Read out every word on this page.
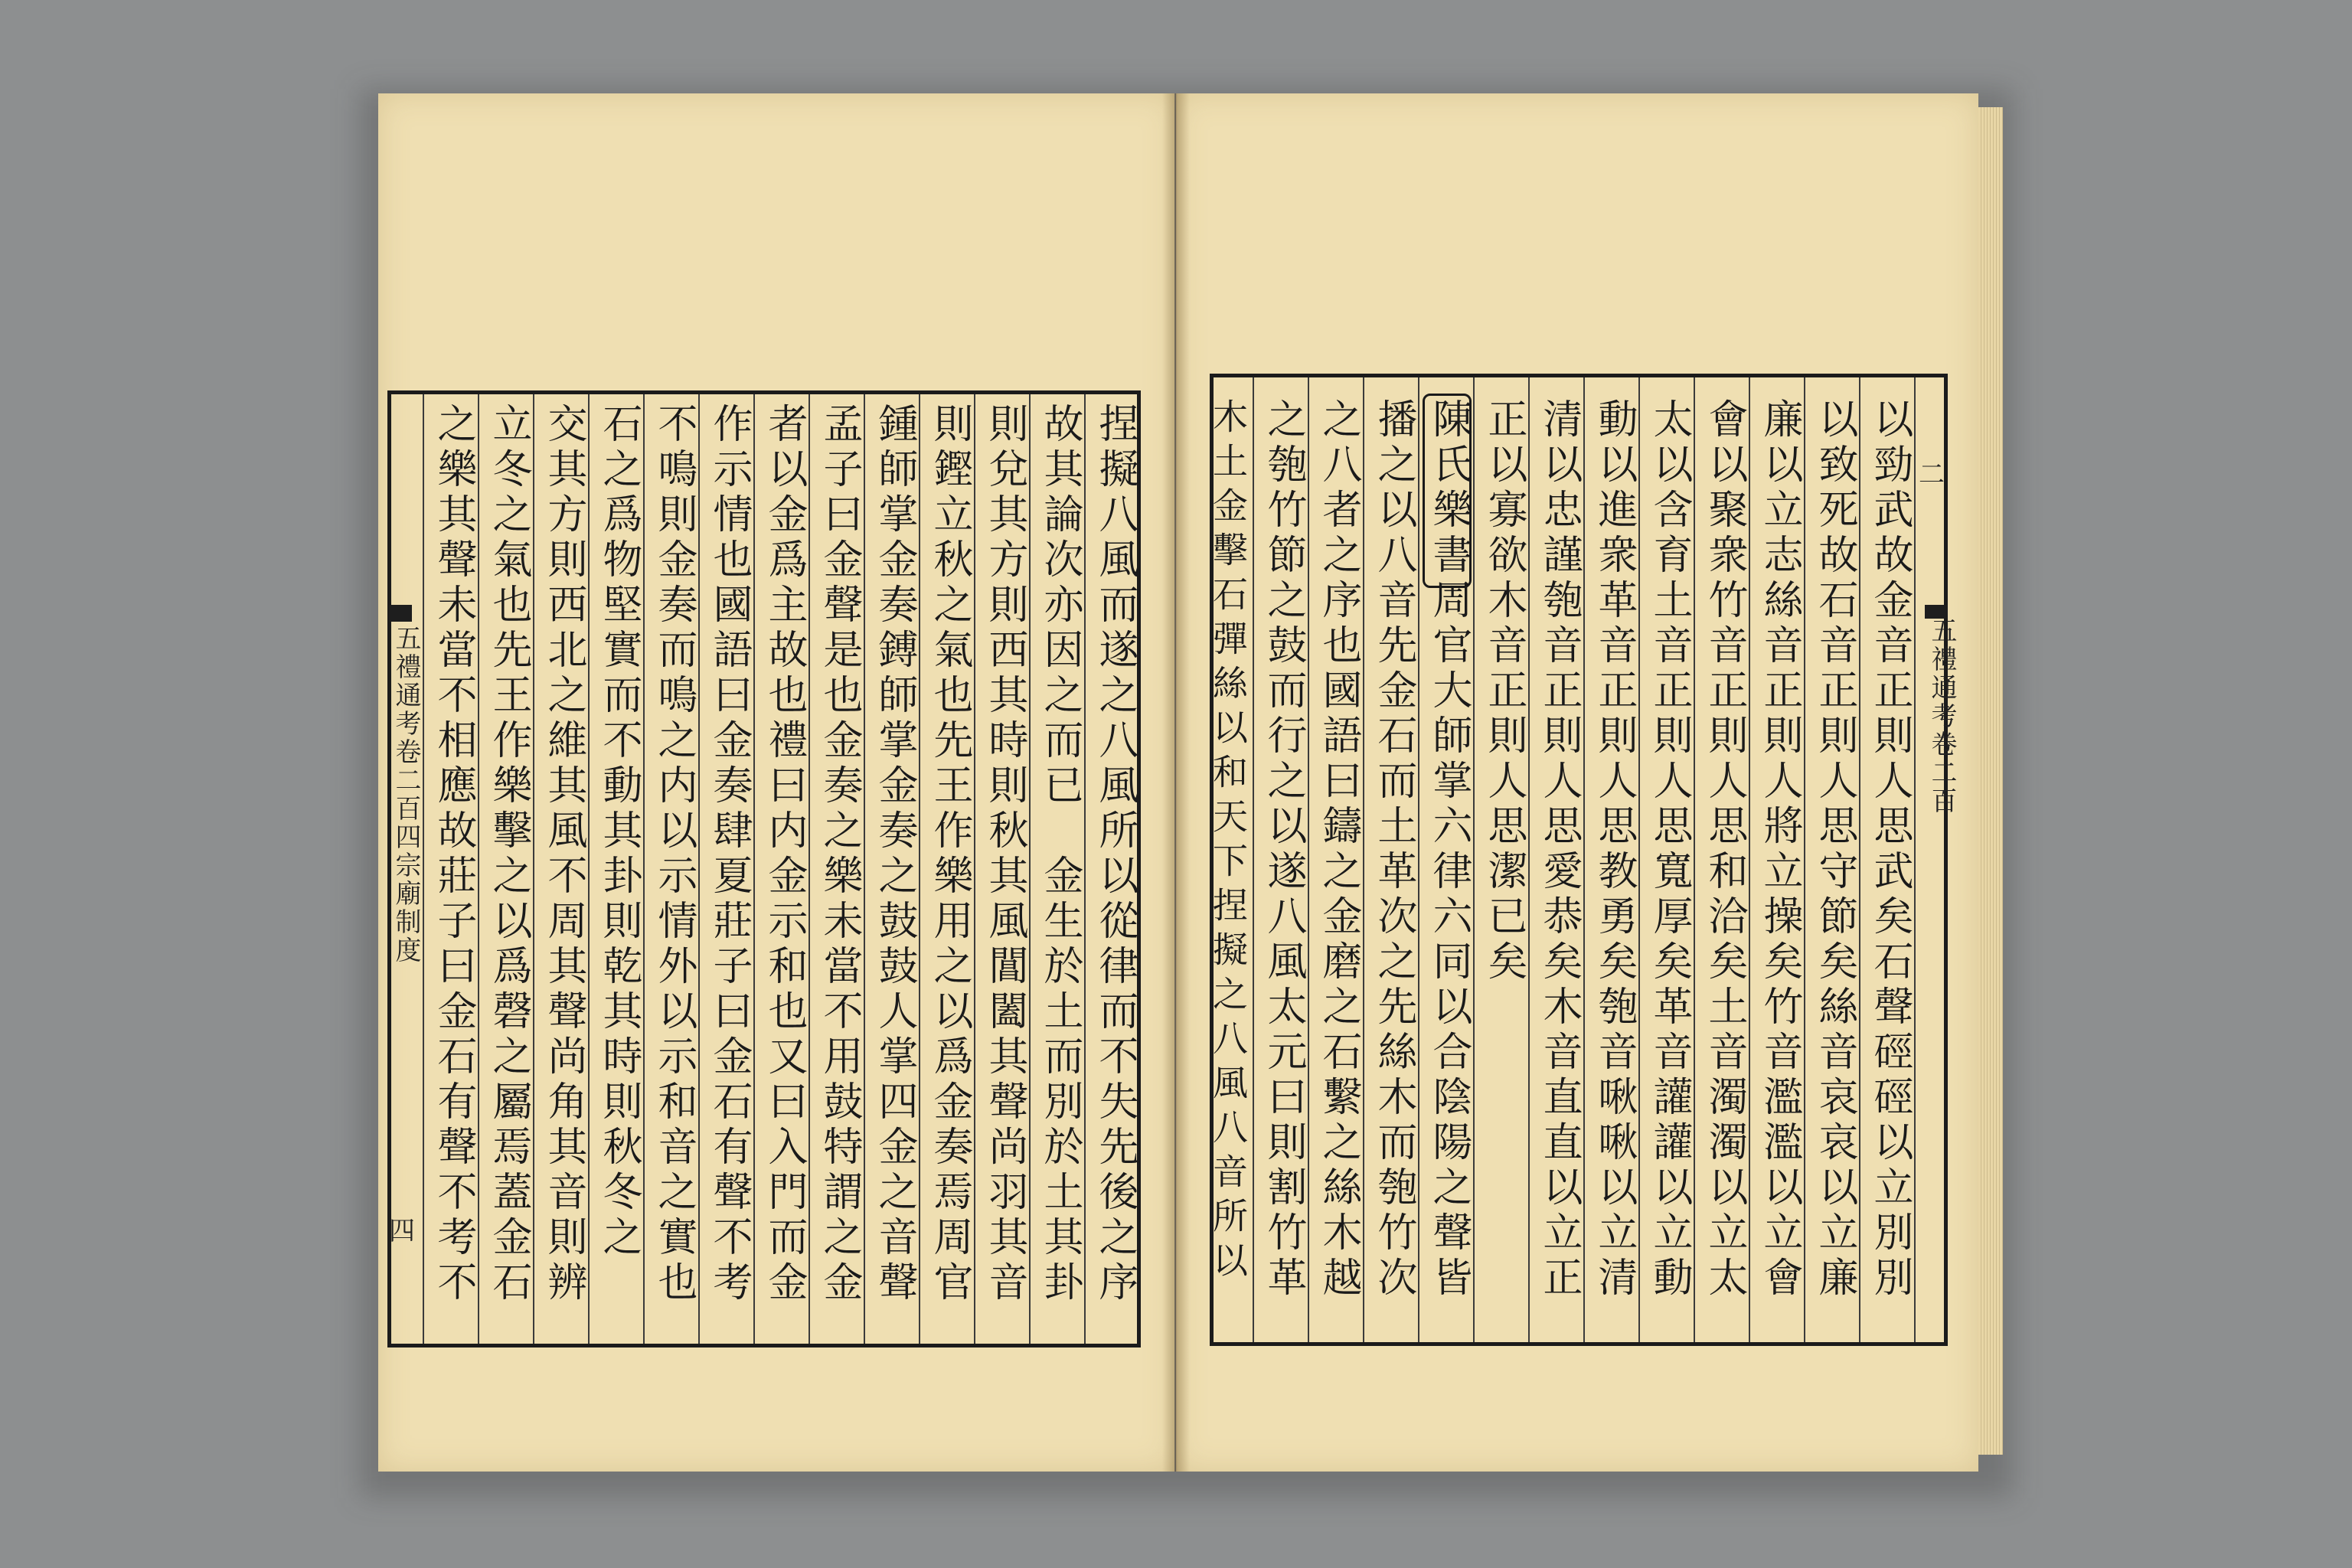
五禮通考卷二百
二
以勁武故金音正則人思武矣石聲硜硜以立別別
以致死故石音正則人思守節矣絲音哀哀以立廉
廉以立志絲音正則人將立操矣竹音濫濫以立會
會以聚衆竹音正則人思和洽矣土音濁濁以立太
太以含育土音正則人思寬厚矣革音讙讙以立動
動以進衆革音正則人思教勇矣匏音啾啾以立清
清以忠謹匏音正則人思愛恭矣木音直直以立正
正以寡欲木音正則人思潔已矣
陳氏樂書周官大師掌六律六同以合陰陽之聲皆
播之以八音先金石而土革次之先絲木而匏竹次
之八者之序也國語曰鑄之金磨之石繫之絲木越
之匏竹節之鼓而行之以遂八風太元曰則割竹革
木土金擊石彈絲以和天下捏擬之八風八音所以
五禮通考卷二百四宗廟制度
四	捏擬八風而遂之八風所以從律而不失先後之序
故其論次亦因之而已　金生於土而別於土其卦
則兌其方則西其時則秋其風閶闔其聲尚羽其音
則鏗立秋之氣也先王作樂用之以爲金奏焉周官
鍾師掌金奏鎛師掌金奏之鼓鼓人掌四金之音聲
孟子曰金聲是也金奏之樂未當不用鼓特謂之金
者以金爲主故也禮曰内金示和也又曰入門而金
作示情也國語曰金奏肆夏莊子曰金石有聲不考
不鳴則金奏而鳴之内以示情外以示和音之實也
石之爲物堅實而不動其卦則乾其時則秋冬之
交其方則西北之維其風不周其聲尚角其音則辨
立冬之氣也先王作樂擊之以爲磬之屬焉蓋金石
之樂其聲未當不相應故莊子曰金石有聲不考不
